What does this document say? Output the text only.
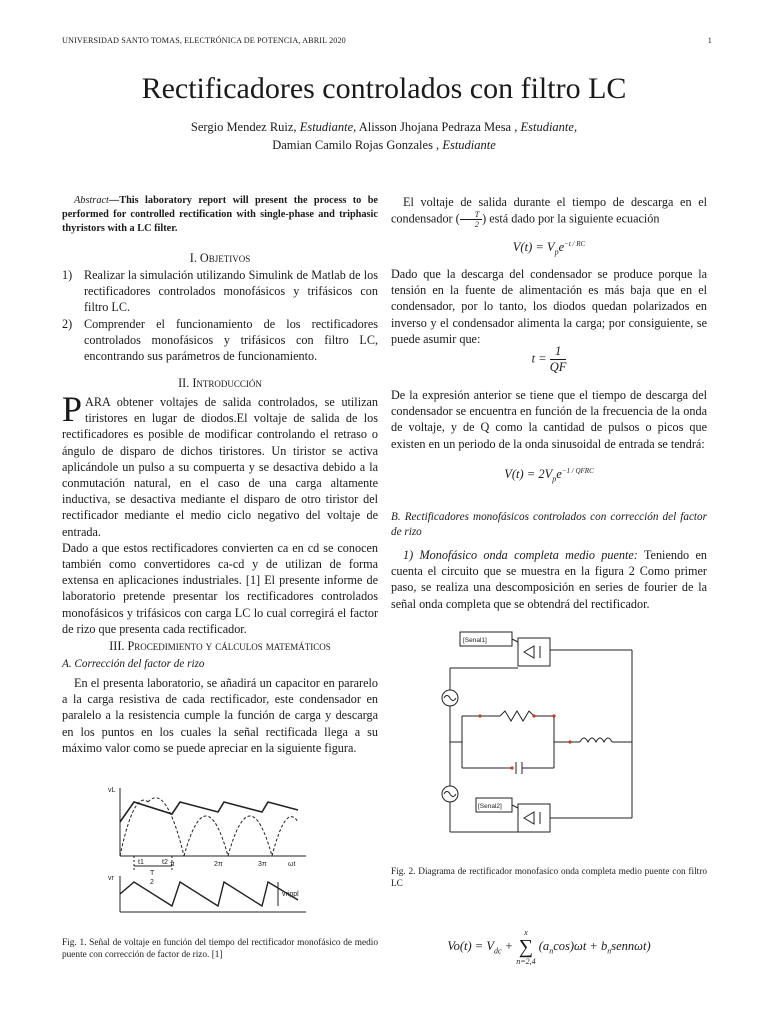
UNIVERSIDAD SANTO TOMAS, ELECTRÓNICA DE POTENCIA, ABRIL 2020	1
Rectificadores controlados con filtro LC
Sergio Mendez Ruiz, Estudiante, Alisson Jhojana Pedraza Mesa , Estudiante,
Damian Camilo Rojas Gonzales , Estudiante
Abstract—This laboratory report will present the process to be performed for controlled rectification with single-phase and triphasic thyristors with a LC filter.
I. Objetivos
1) Realizar la simulación utilizando Simulink de Matlab de los rectificadores controlados monofásicos y trifásicos con filtro LC.
2) Comprender el funcionamiento de los rectificadores controlados monofásicos y trifásicos con filtro LC, encontrando sus parámetros de funcionamiento.
II. Introducción
PARA obtener voltajes de salida controlados, se utilizan tiristores en lugar de diodos.El voltaje de salida de los rectificadores es posible de modificar controlando el retraso o ángulo de disparo de dichos tiristores. Un tiristor se activa aplicándole un pulso a su compuerta y se desactiva debido a la conmutación natural, en el caso de una carga altamente inductiva, se desactiva mediante el disparo de otro tiristor del rectificador mediante el medio ciclo negativo del voltaje de entrada.
Dado a que estos rectificadores convierten ca en cd se conocen también como convertidores ca-cd y de utilizan de forma extensa en aplicaciones industriales. [1] El presente informe de laboratorio pretende presentar los rectificadores controlados monofásicos y trifásicos con carga LC lo cual corregirá el factor de rizo que presenta cada rectificador.
III. Procedimiento y cálculos matemáticos
A. Corrección del factor de rizo
En el presenta laboratorio, se añadirá un capacitor en pararelo a la carga resistiva de cada rectificador, este condensador en paralelo a la resistencia cumple la función de carga y descarga en los puntos en los cuales la señal rectificada llega a su máximo valor como se puede apreciar en la siguiente figura.
vL
π	2π	3π	ωt
t1	t2
T
2
vr
vrippl
Fig. 1. Señal de voltaje en función del tiempo del rectificador monofásico de medio puente con corrección de factor de rizo. [1]
El voltaje de salida durante el tiempo de descarga en el condensador ( $\frac{T}{2}$ ) está dado por la siguiente ecuación
$V(t) = V_pe^{-t / RC}$
Dado que la descarga del condensador se produce porque la tensión en la fuente de alimentación es más baja que en el condensador, por lo tanto, los diodos quedan polarizados en inverso y el condensador alimenta la carga; por consiguiente, se puede asumir que:
$t = \frac{1}{QF}$
De la expresión anterior se tiene que el tiempo de descarga del condensador se encuentra en función de la frecuencia de la onda de voltaje, y de Q como la cantidad de pulsos o picos que existen en un periodo de la onda sinusoidal de entrada se tendrá:
$V(t) = 2V_pe^{-1 / QFRC}$
B. Rectificadores monofásicos controlados con corrección del factor de rizo
1) Monofásico onda completa medio puente: Teniendo en cuenta el circuito que se muestra en la figura 2 Como primer paso, se realiza una descomposición en series de fourier de la señal onda completa que se obtendrá del rectificador.
[Senal1]
[Senal2]
Fig. 2. Diagrama de rectificador monofasico onda completa medio puente con filtro LC
$Vo(t) = V_{dc}$ +
x
∑
n=2,4
$(a_n\cos)\omega t$ + $b_nsenn\omega t$)
